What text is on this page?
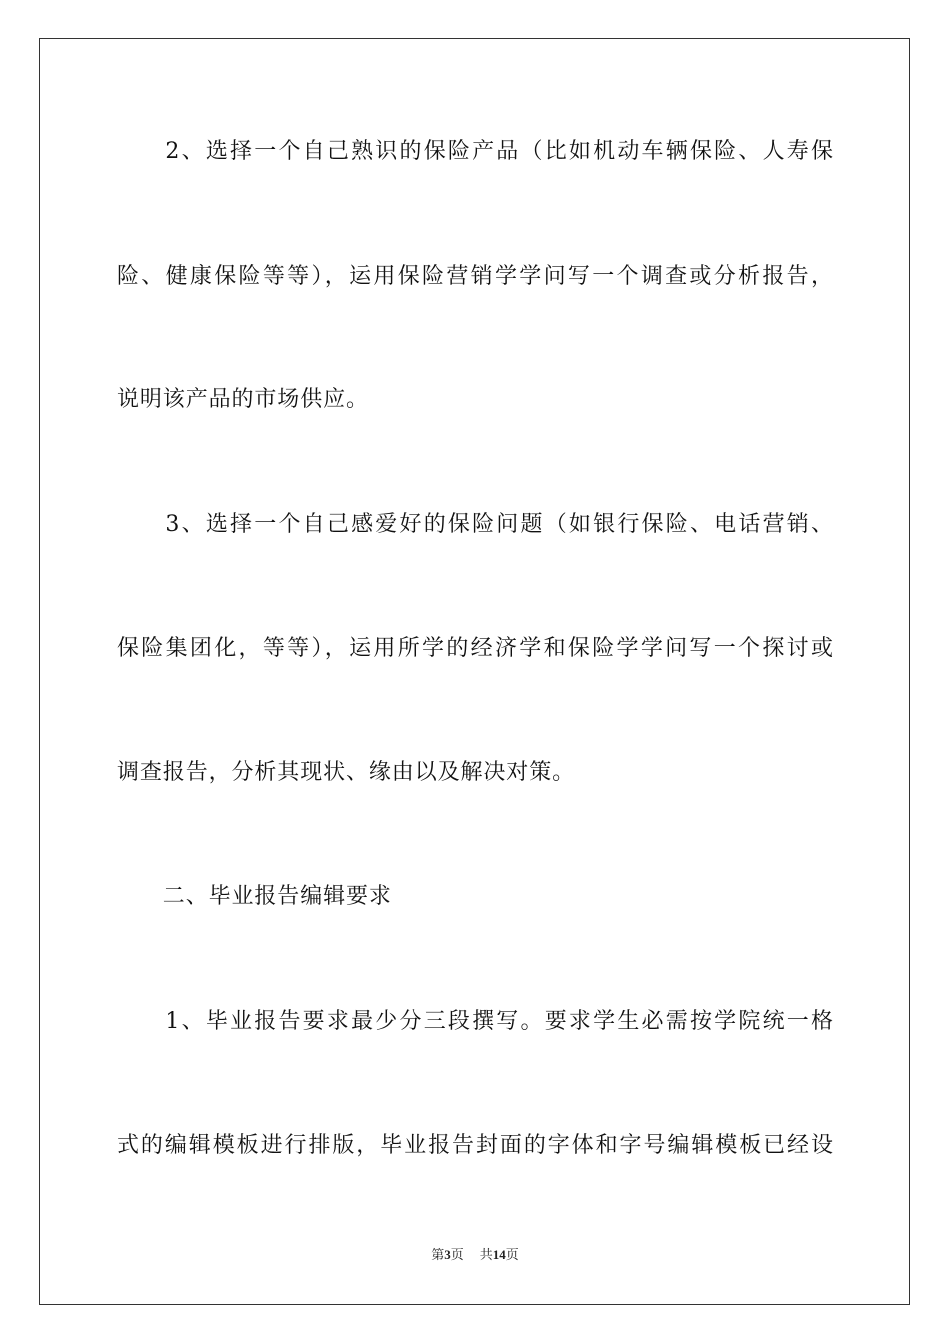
　　2、选择一个自己熟识的保险产品（比如机动车辆保险、人寿保
险、健康保险等等），运用保险营销学学问写一个调查或分析报告，
说明该产品的市场供应。
　　3、选择一个自己感爱好的保险问题（如银行保险、电话营销、
保险集团化，等等），运用所学的经济学和保险学学问写一个探讨或
调查报告，分析其现状、缘由以及解决对策。
　　二、毕业报告编辑要求
　　1、毕业报告要求最少分三段撰写。要求学生必需按学院统一格
式的编辑模板进行排版，毕业报告封面的字体和字号编辑模板已经设
第3页 共14页
